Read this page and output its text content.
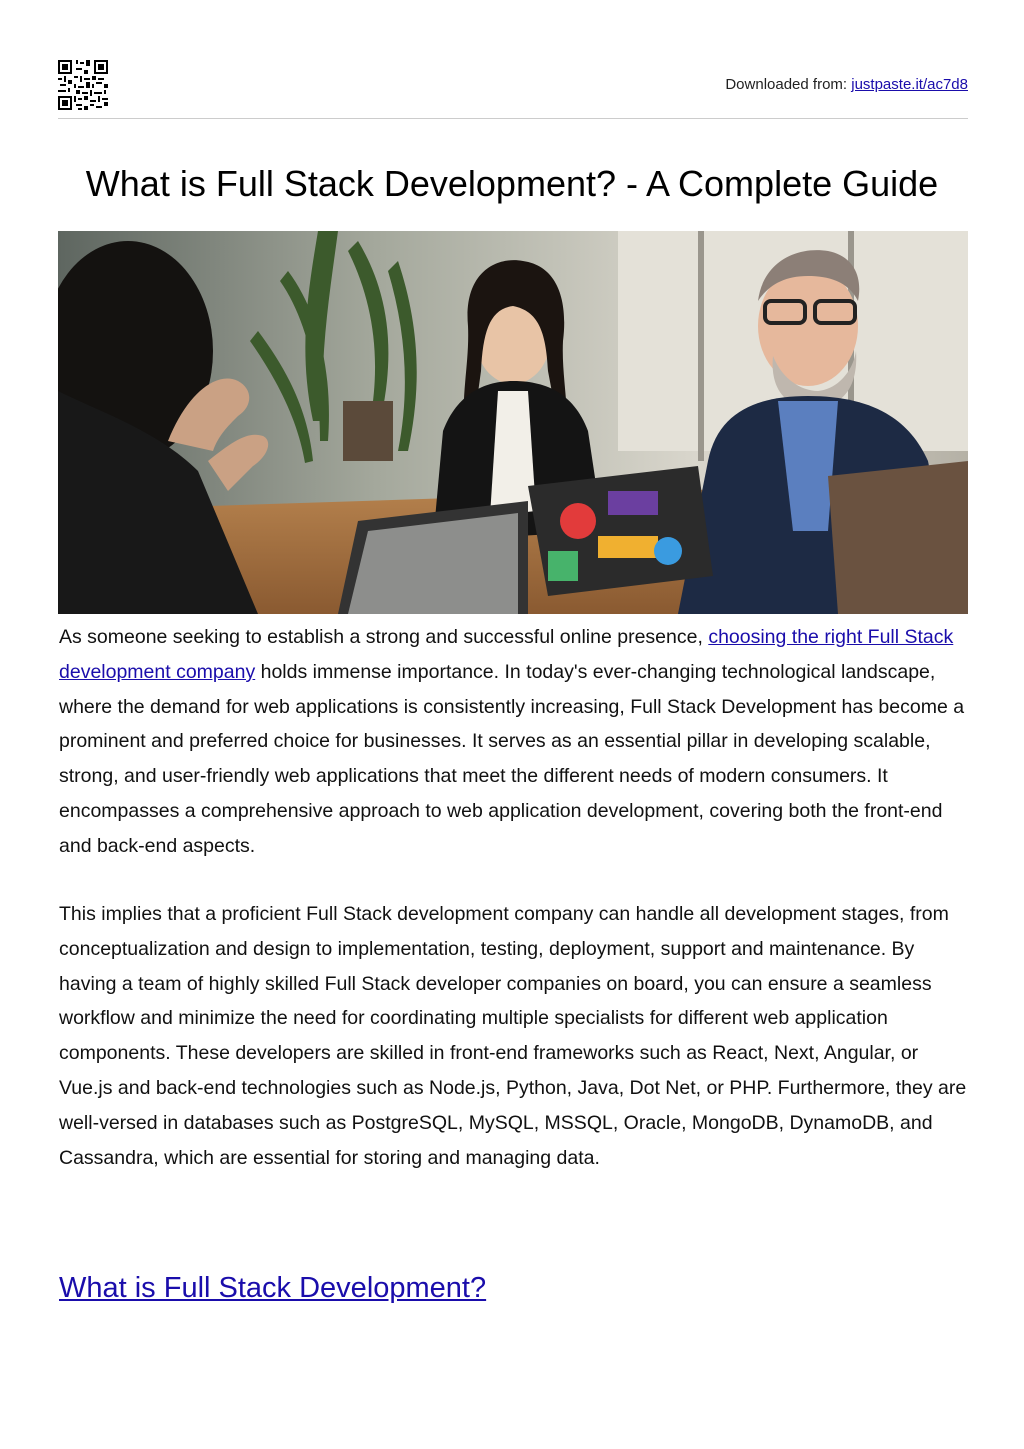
Downloaded from: justpaste.it/ac7d8
What is Full Stack Development? - A Complete Guide

As someone seeking to establish a strong and successful online presence, choosing the right Full Stack development company holds immense importance. In today's ever-changing technological landscape, where the demand for web applications is consistently increasing, Full Stack Development has become a prominent and preferred choice for businesses. It serves as an essential pillar in developing scalable, strong, and user-friendly web applications that meet the different needs of modern consumers. It encompasses a comprehensive approach to web application development, covering both the front-end and back-end aspects.

This implies that a proficient Full Stack development company can handle all development stages, from conceptualization and design to implementation, testing, deployment, support and maintenance. By having a team of highly skilled Full Stack developer companies on board, you can ensure a seamless workflow and minimize the need for coordinating multiple specialists for different web application components. These developers are skilled in front-end frameworks such as React, Next, Angular, or Vue.js and back-end technologies such as Node.js, Python, Java, Dot Net, or PHP. Furthermore, they are well-versed in databases such as PostgreSQL, MySQL, MSSQL, Oracle, MongoDB, DynamoDB, and Cassandra, which are essential for storing and managing data.

What is Full Stack Development?
